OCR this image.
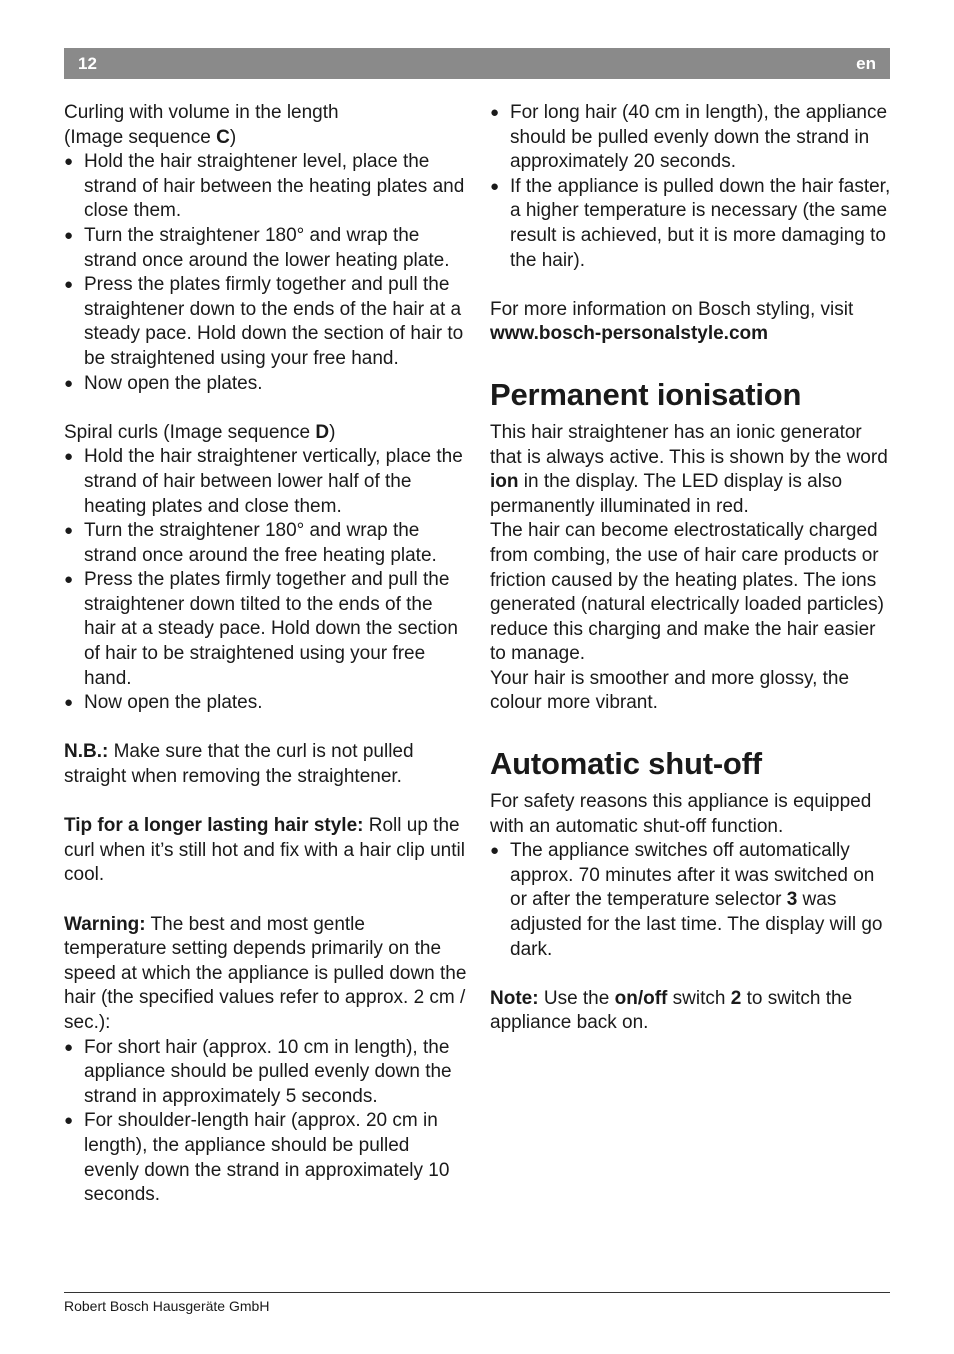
12	en

Curling with volume in the length
(Image sequence C)

● Hold the hair straightener level, place the strand of hair between the heating plates and close them.
● Turn the straightener 180° and wrap the strand once around the lower heating plate.
● Press the plates firmly together and pull the straightener down to the ends of the hair at a steady pace. Hold down the section of hair to be straightened using your free hand.
● Now open the plates.

Spiral curls (Image sequence D)

● Hold the hair straightener vertically, place the strand of hair between lower half of the heating plates and close them.
● Turn the straightener 180° and wrap the strand once around the free heating plate.
● Press the plates firmly together and pull the straightener down tilted to the ends of the hair at a steady pace. Hold down the section of hair to be straightened using your free hand.
● Now open the plates.

N.B.: Make sure that the curl is not pulled straight when removing the straightener.

Tip for a longer lasting hair style: Roll up the curl when it’s still hot and fix with a hair clip until cool.

Warning: The best and most gentle temperature setting depends primarily on the speed at which the appliance is pulled down the hair (the specified values refer to approx. 2 cm / sec.):

● For short hair (approx. 10 cm in length), the appliance should be pulled evenly down the strand in approximately 5 seconds.
● For shoulder-length hair (approx. 20 cm in length), the appliance should be pulled evenly down the strand in approximately 10 seconds.
● For long hair (40 cm in length), the appliance should be pulled evenly down the strand in approximately 20 seconds.
● If the appliance is pulled down the hair faster, a higher temperature is necessary (the same result is achieved, but it is more damaging to the hair).

For more information on Bosch styling, visit
www.bosch-personalstyle.com

Permanent ionisation

This hair straightener has an ionic generator that is always active. This is shown by the word ion in the display. The LED display is also permanently illuminated in red.

The hair can become electrostatically charged from combing, the use of hair care products or friction caused by the heating plates. The ions generated (natural electrically loaded particles) reduce this charging and make the hair easier to manage.

Your hair is smoother and more glossy, the colour more vibrant.

Automatic shut-off

For safety reasons this appliance is equipped with an automatic shut-off function.

● The appliance switches off automatically approx. 70 minutes after it was switched on or after the temperature selector 3 was adjusted for the last time. The display will go dark.

Note: Use the on/off switch 2 to switch the appliance back on.

Robert Bosch Hausgeräte GmbH
